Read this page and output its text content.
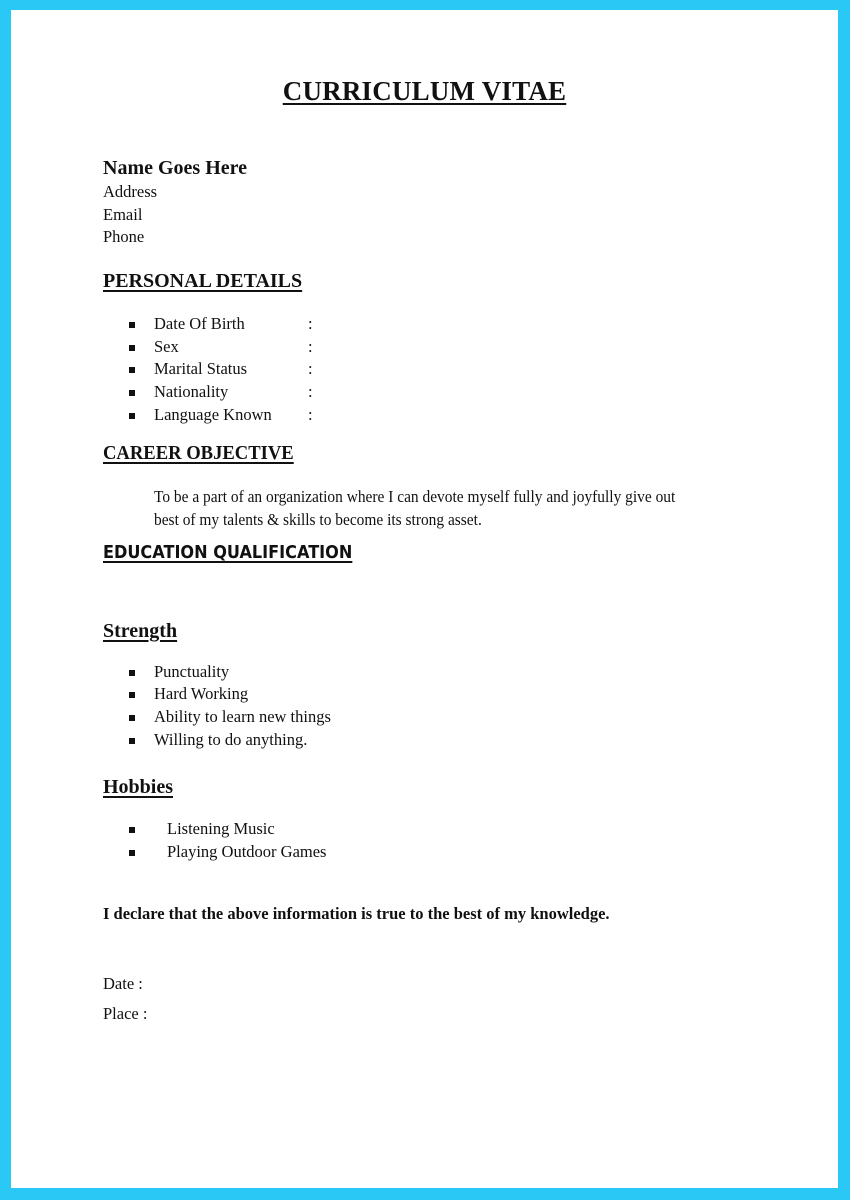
CURRICULUM VITAE
Name Goes Here
Address
Email
Phone
PERSONAL DETAILS
Date Of Birth	:
Sex	:
Marital Status	:
Nationality	:
Language Known :
CAREER OBJECTIVE
To be a part of an organization where I can devote myself fully and joyfully give out
best of my talents & skills to become its strong asset.
EDUCATION QUALIFICATION
Strength
Punctuality
Hard Working
Ability to learn new things
Willing to do anything.
Hobbies
Listening Music
Playing Outdoor Games
I declare that the above information is true to the best of my knowledge.
Date :
Place :
